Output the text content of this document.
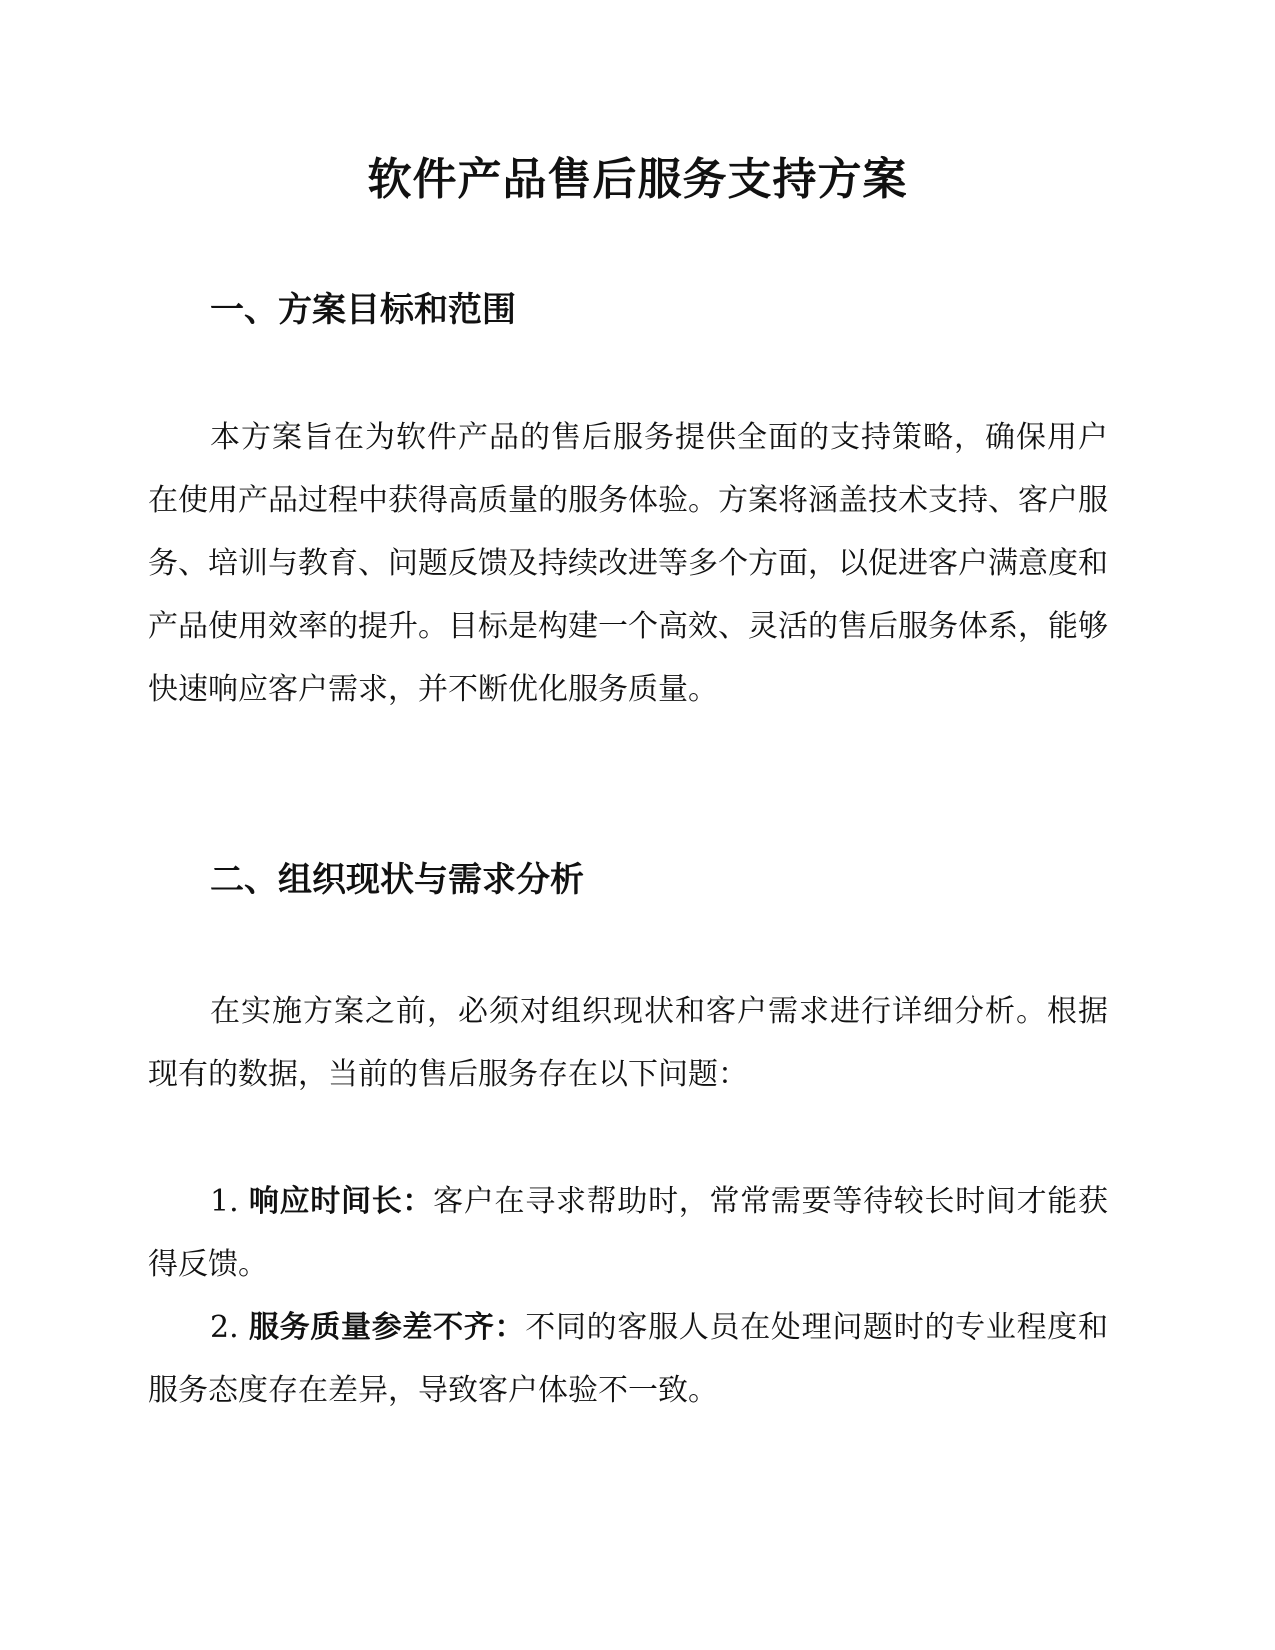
软件产品售后服务支持方案
一、方案目标和范围

本方案旨在为软件产品的售后服务提供全面的支持策略，确保用户在使用产品过程中获得高质量的服务体验。方案将涵盖技术支持、客户服务、培训与教育、问题反馈及持续改进等多个方面，以促进客户满意度和产品使用效率的提升。目标是构建一个高效、灵活的售后服务体系，能够快速响应客户需求，并不断优化服务质量。

二、组织现状与需求分析

在实施方案之前，必须对组织现状和客户需求进行详细分析。根据现有的数据，当前的售后服务存在以下问题：

1. 响应时间长：客户在寻求帮助时，常常需要等待较长时间才能获得反馈。

2. 服务质量参差不齐：不同的客服人员在处理问题时的专业程度和服务态度存在差异，导致客户体验不一致。
